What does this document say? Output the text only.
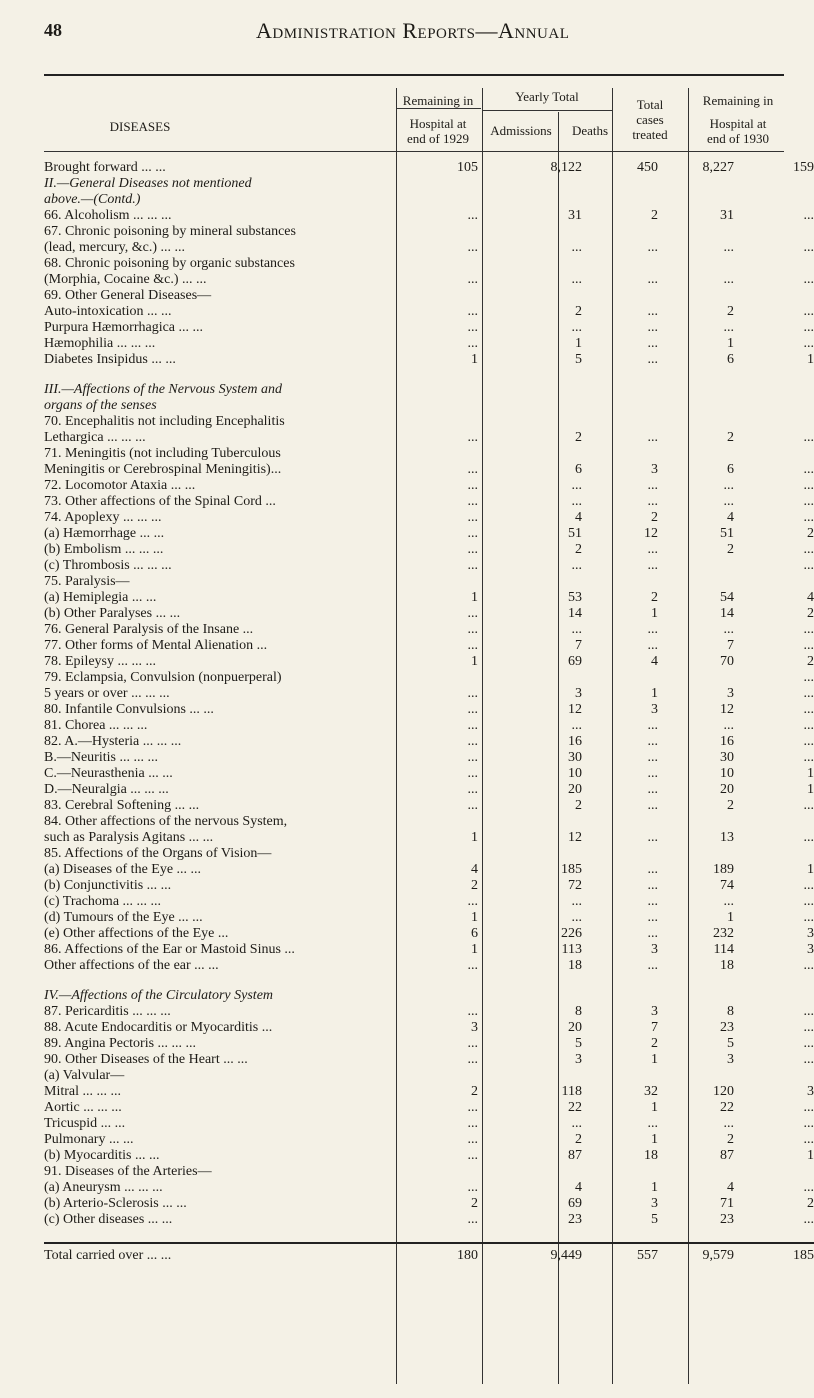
48	Administration Reports—Annual
DISEASES
Remaining in
Hospital at
end of 1929
Yearly Total
Admissions	Deaths
Total
cases
treated
Remaining in
Hospital at
end of 1930
Brought forward ... ...	105	8,122	450	8,227	159
II.—General Diseases not mentioned					
above.—(Contd.)					
66. Alcoholism ... ... ...	...	31	2	31	...
67. Chronic poisoning by mineral substances					
(lead, mercury, &c.) ... ...	...	...	...	...	...
68. Chronic poisoning by organic substances					
(Morphia, Cocaine &c.) ... ...	...	...	...	...	...
69. Other General Diseases—					
Auto-intoxication ... ...	...	2	...	2	...
Purpura Hæmorrhagica ... ...	...	...	...	...	...
Hæmophilia ... ... ...	...	1	...	1	...
Diabetes Insipidus ... ...	1	5	...	6	1

III.—Affections of the Nervous System and					
organs of the senses					
70. Encephalitis not including Encephalitis					
Lethargica ... ... ...	...	2	...	2	...
71. Meningitis (not including Tuberculous					
Meningitis or Cerebrospinal Meningitis)...	...	6	3	6	...
72. Locomotor Ataxia ... ...	...	...	...	...	...
73. Other affections of the Spinal Cord ...	...	...	...	...	...
74. Apoplexy ... ... ...	...	4	2	4	...
(a) Hæmorrhage ... ...	...	51	12	51	2
(b) Embolism ... ... ...	...	2	...	2	...
(c) Thrombosis ... ... ...	...	...	...		...
75. Paralysis—					
(a) Hemiplegia ... ...	1	53	2	54	4
(b) Other Paralyses ... ...	...	14	1	14	2
76. General Paralysis of the Insane ...	...	...	...	...	...
77. Other forms of Mental Alienation ...	...	7	...	7	...
78. Epileysy ... ... ...	1	69	4	70	2
79. Eclampsia, Convulsion (nonpuerperal)					...
5 years or over ... ... ...	...	3	1	3	...
80. Infantile Convulsions ... ...	...	12	3	12	...
81. Chorea ... ... ...	...	...	...	...	...
82. A.—Hysteria ... ... ...	...	16	...	16	...
B.—Neuritis ... ... ...	...	30	...	30	...
C.—Neurasthenia ... ...	...	10	...	10	1
D.—Neuralgia ... ... ...	...	20	...	20	1
83. Cerebral Softening ... ...	...	2	...	2	...
84. Other affections of the nervous System,					
such as Paralysis Agitans ... ...	1	12	...	13	...
85. Affections of the Organs of Vision—					
(a) Diseases of the Eye ... ...	4	185	...	189	1
(b) Conjunctivitis ... ...	2	72	...	74	...
(c) Trachoma ... ... ...	...	...	...	...	...
(d) Tumours of the Eye ... ...	1	...	...	1	...
(e) Other affections of the Eye ...	6	226	...	232	3
86. Affections of the Ear or Mastoid Sinus ...	1	113	3	114	3
Other affections of the ear ... ...	...	18	...	18	...

IV.—Affections of the Circulatory System					
87. Pericarditis ... ... ...	...	8	3	8	...
88. Acute Endocarditis or Myocarditis ...	3	20	7	23	...
89. Angina Pectoris ... ... ...	...	5	2	5	...
90. Other Diseases of the Heart ... ...	...	3	1	3	...
(a) Valvular—					
Mitral ... ... ...	2	118	32	120	3
Aortic ... ... ...	...	22	1	22	...
Tricuspid ... ...	...	...	...	...	...
Pulmonary ... ...	...	2	1	2	...
(b) Myocarditis ... ...	...	87	18	87	1
91. Diseases of the Arteries—					
(a) Aneurysm ... ... ...	...	4	1	4	...
(b) Arterio-Sclerosis ... ...	2	69	3	71	2
(c) Other diseases ... ...	...	23	5	23	...

Total carried over ... ...	180	9,449	557	9,579	185
